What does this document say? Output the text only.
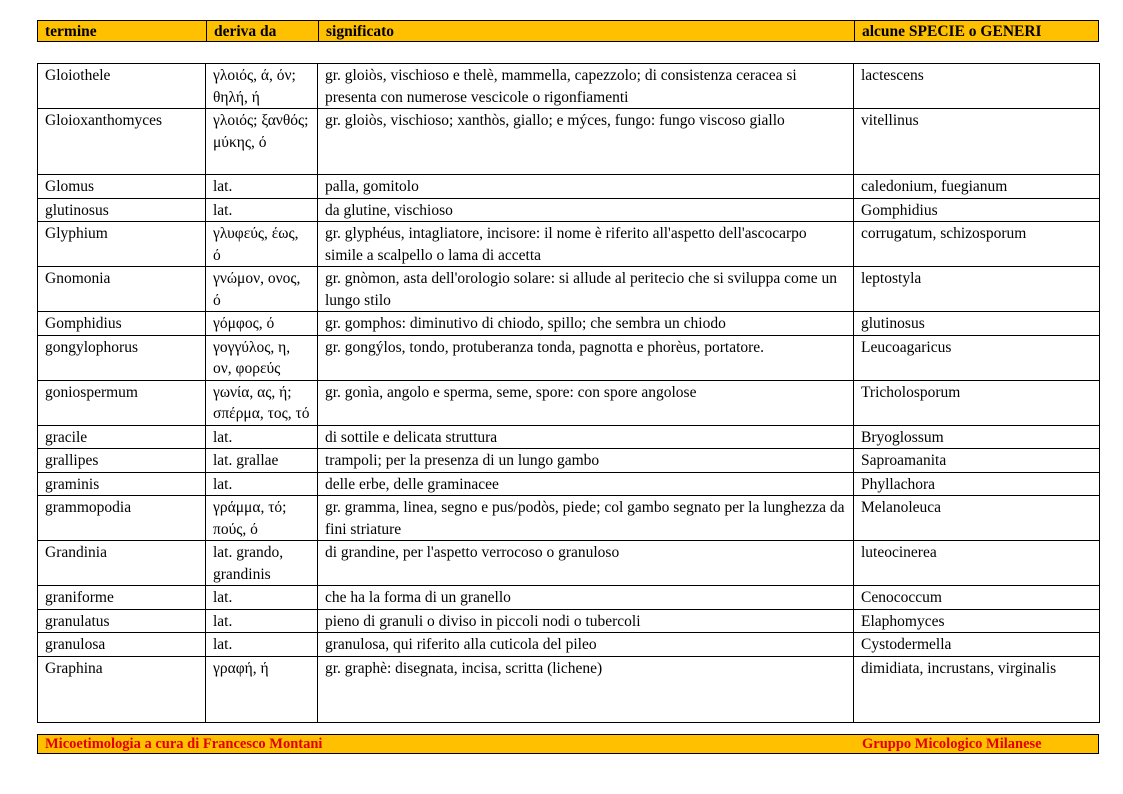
termine	deriva da	significato	alcune SPECIE o GENERI
Gloiothele	γλοιός, ά, όν; θηλή, ή	gr. gloiòs, vischioso e thelè, mammella, capezzolo; di consistenza ceracea si presenta con numerose vescicole o rigonfiamenti	lactescens
Gloioxanthomyces	γλοιός; ξανθός; μύκης, ό	gr. gloiòs, vischioso; xanthòs, giallo; e mýces, fungo: fungo viscoso giallo	vitellinus
Glomus	lat.	palla, gomitolo	caledonium, fuegianum
glutinosus	lat.	da glutine, vischioso	Gomphidius
Glyphium	γλυφεύς, έως, ό	gr. glyphéus, intagliatore, incisore: il nome è riferito all'aspetto dell'ascocarpo simile a scalpello o lama di accetta	corrugatum, schizosporum
Gnomonia	γνώμον, ονος, ό	gr. gnòmon, asta dell'orologio solare: si allude al peritecio che si sviluppa come un lungo stilo	leptostyla
Gomphidius	γόμφος, ό	gr. gomphos: diminutivo di chiodo, spillo; che sembra un chiodo	glutinosus
gongylophorus	γογγύλος, η, ον, φορεύς	gr. gongýlos, tondo, protuberanza tonda, pagnotta e phorèus, portatore.	Leucoagaricus
goniospermum	γωνία, ας, ή; σπέρμα, τος, τό	gr. gonìa, angolo e sperma, seme, spore: con spore angolose	Tricholosporum
gracile	lat.	di sottile e delicata struttura	Bryoglossum
grallipes	lat. grallae	trampoli; per la presenza di un lungo gambo	Saproamanita
graminis	lat.	delle erbe, delle graminacee	Phyllachora
grammopodia	γράμμα, τό; πούς, ό	gr. gramma, linea, segno e pus/podòs, piede; col gambo segnato per la lunghezza da fini striature	Melanoleuca
Grandinia	lat. grando, grandinis	di grandine, per l'aspetto verrocoso o granuloso	luteocinerea
graniforme	lat.	che ha la forma di un granello	Cenococcum
granulatus	lat.	pieno di granuli o diviso in piccoli nodi o tubercoli	Elaphomyces
granulosa	lat.	granulosa, qui riferito alla cuticola del pileo	Cystodermella
Graphina	γραφή, ή	gr. graphè: disegnata, incisa, scritta (lichene)	dimidiata, incrustans, virginalis
Micoetimologia a cura di Francesco Montani	Gruppo Micologico Milanese
